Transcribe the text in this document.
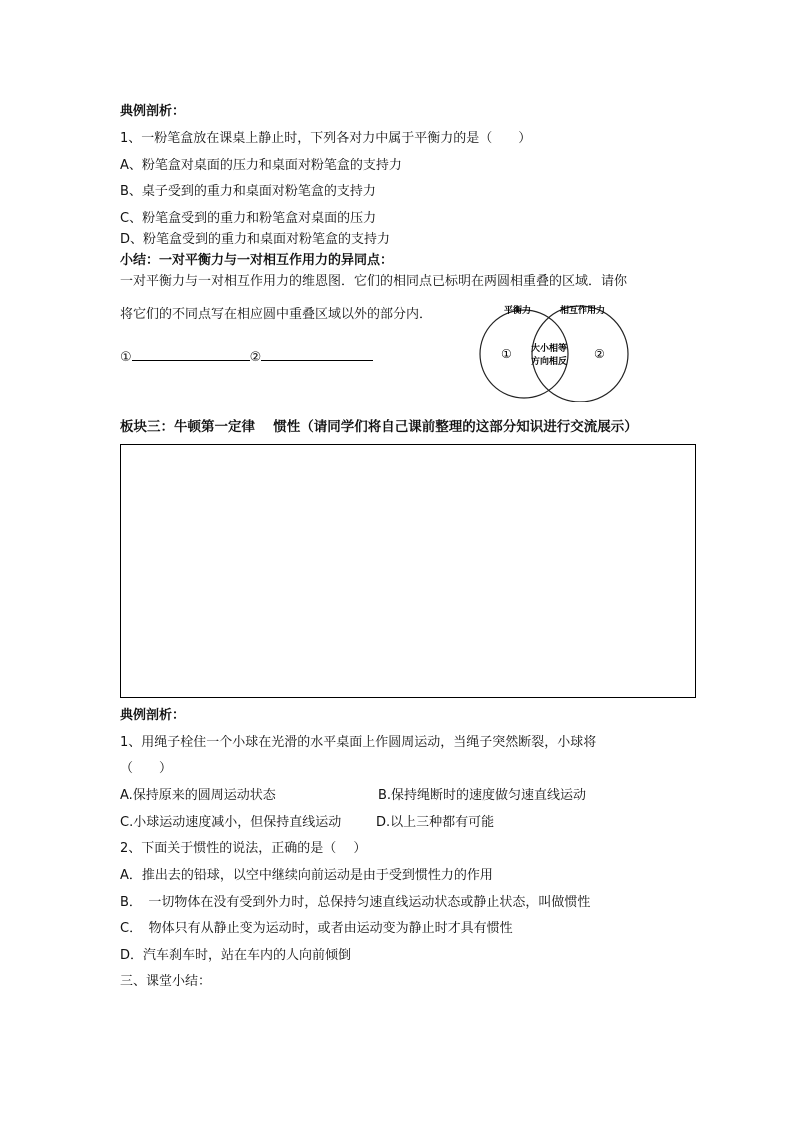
典例剖析：
1、一粉笔盒放在课桌上静止时，下列各对力中属于平衡力的是（　　）
A、粉笔盒对桌面的压力和桌面对粉笔盒的支持力
B、桌子受到的重力和桌面对粉笔盒的支持力
C、粉笔盒受到的重力和粉笔盒对桌面的压力
D、粉笔盒受到的重力和桌面对粉笔盒的支持力
小结：一对平衡力与一对相互作用力的异同点：
一对平衡力与一对相互作用力的维恩图．它们的相同点已标明在两圆相重叠的区域．请你
将它们的不同点写在相应圆中重叠区域以外的部分内．
①	②
平衡力	相互作用力
①	②
大小相等
方向相反
板块三：牛顿第一定律　 惯性（请同学们将自己课前整理的这部分知识进行交流展示）
典例剖析：
1、用绳子栓住一个小球在光滑的水平桌面上作圆周运动，当绳子突然断裂，小球将
（　　）
A.保持原来的圆周运动状态	B.保持绳断时的速度做匀速直线运动
C.小球运动速度减小，但保持直线运动	D.以上三种都有可能
2、下面关于惯性的说法，正确的是（　 ）
A．推出去的铅球，以空中继续向前运动是由于受到惯性力的作用
B．　一切物体在没有受到外力时，总保持匀速直线运动状态或静止状态，叫做惯性
C．　物体只有从静止变为运动时，或者由运动变为静止时才具有惯性
D．汽车刹车时，站在车内的人向前倾倒
三、课堂小结：
